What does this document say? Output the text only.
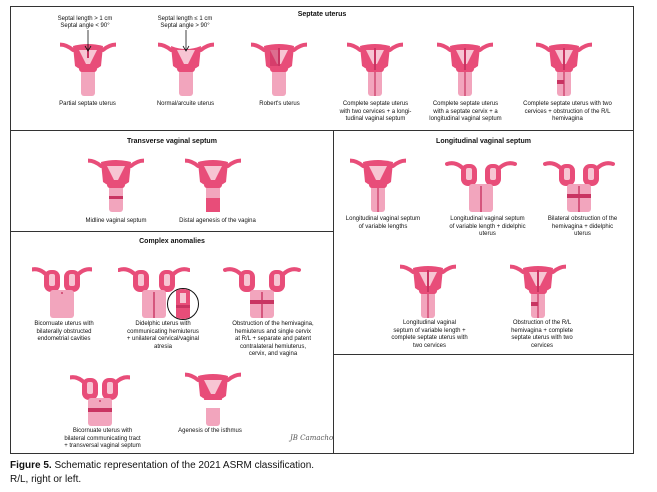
Septate uterus
Transverse vaginal septum	Longitudinal vaginal septum
Complex anomalies
Septal length > 1 cm
Septal angle < 90°
Septal length ≤ 1 cm
Septal angle > 90°
Partial septate uterus	Normal/arcuite uterus	Robert's uterus	Complete septate uterus
with two cervices + a longi-
tudinal vaginal septum
Complete septate uterus
with a septate cervix + a
longitudinal vaginal septum
Complete septate uterus with two
cervices + obstruction of the R/L
hemivagina
Midline vaginal septum	Distal agenesis of the vagina	Longitudinal vaginal septum
of variable lengths
Longitudinal vaginal septum
of variable length + didelphic
uterus
Bilateral obstruction of the
hemivagina + didelphic
uterus
Longitudinal vaginal
septum of variable length +
complete septate uterus with
two cervices
Obstruction of the R/L
hemivagina + complete
septate uterus with two
cervices
Bicornuate uterus with
bilaterally obstructed
endometrial cavities
Didelphic uterus with
communicating hemiuterus
+ unilateral cervical/vaginal
atresia
Obstruction of the hemivagina,
hemiuterus and single cervix
at R/L + separate and patent
contralateral hemiuterus,
cervix, and vagina
Bicornuate uterus with
bilateral communicating tract
+ transversal vaginal septum
Agenesis of the isthmus
JB Camacho
Figure 5. Schematic representation of the 2021 ASRM classification.
R/L, right or left.
